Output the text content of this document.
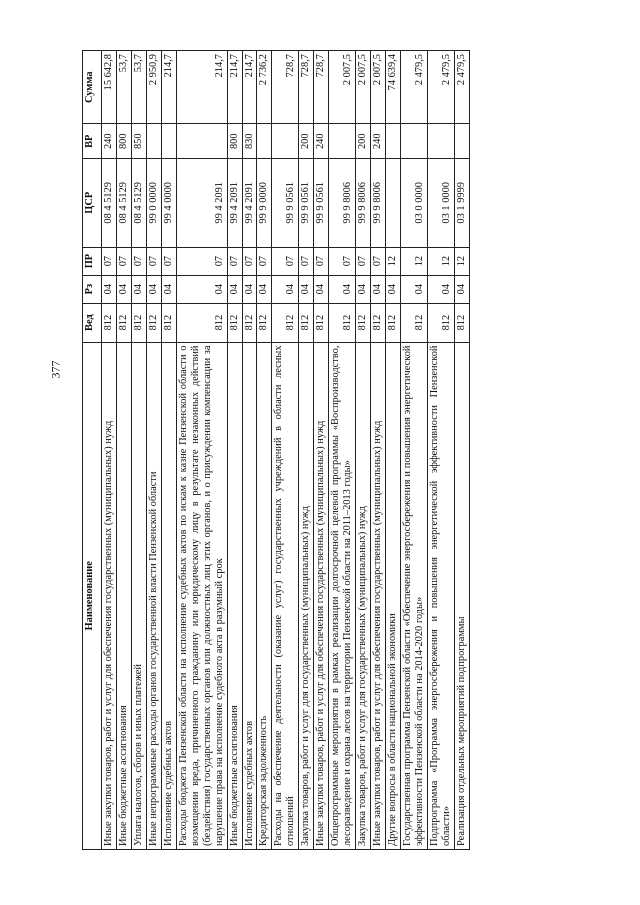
377
Наименование	Вед	Рз	ПР	ЦСР	ВР	Сумма
Иные закупки товаров, работ и услуг для обеспечения государственных (муниципальных) нужд	812	04	07	08 4 5129	240	15 642,8
Иные бюджетные ассигнования	812	04	07	08 4 5129	800	53,7
Уплата налогов, сборов и иных платежей	812	04	07	08 4 5129	850	53,7
Иные непрограммные расходы органов государственной власти Пензенской области	812	04	07	99 0 0000		2 950,9
Исполнение судебных актов	812	04	07	99 4 0000		214,7
Расходы бюджета Пензенской области на исполнение судебных актов по искам к казне Пензенской области о возмещении вреда, причиненного гражданину или юридическому лицу в результате незаконных действий (бездействия) государственных органов или должностных лиц этих органов, и о присуждении компенсации за нарушение права на исполнение судебного акта в разумный срок	812	04	07	99 4 2091		214,7
Иные бюджетные ассигнования	812	04	07	99 4 2091	800	214,7
Исполнение судебных актов	812	04	07	99 4 2091	830	214,7
Кредиторская задолженность	812	04	07	99 9 0000		2 736,2
Расходы на обеспечение деятельности (оказание услуг) государственных учреждений в области лесных отношений	812	04	07	99 9 0561		728,7
Закупка товаров, работ и услуг для государственных (муниципальных) нужд	812	04	07	99 9 0561	200	728,7
Иные закупки товаров, работ и услуг для обеспечения государственных (муниципальных) нужд	812	04	07	99 9 0561	240	728,7
Общепрограммные мероприятия в рамках реализации долгосрочной целевой программы «Воспроизводство, лесоразведение и охрана лесов на территории Пензенской области на 2011–2013 годы»	812	04	07	99 9 8006		2 007,5
Закупка товаров, работ и услуг для государственных (муниципальных) нужд	812	04	07	99 9 8006	200	2 007,5
Иные закупки товаров, работ и услуг для обеспечения государственных (муниципальных) нужд	812	04	07	99 9 8006	240	2 007,5
Другие вопросы в области национальной экономики	812	04	12			74 639,4
Государственная программа Пензенской области «Обеспечение энергосбережения и повышения энергетической эффективности Пензенской области на 2014-2020 годы»	812	04	12	03 0 0000		2 479,5
Подпрограмма «Программа энергосбережения и повышения энергетической эффективности Пензенской области»	812	04	12	03 1 0000		2 479,5
Реализация отдельных мероприятий подпрограммы	812	04	12	03 1 9999		2 479,5
